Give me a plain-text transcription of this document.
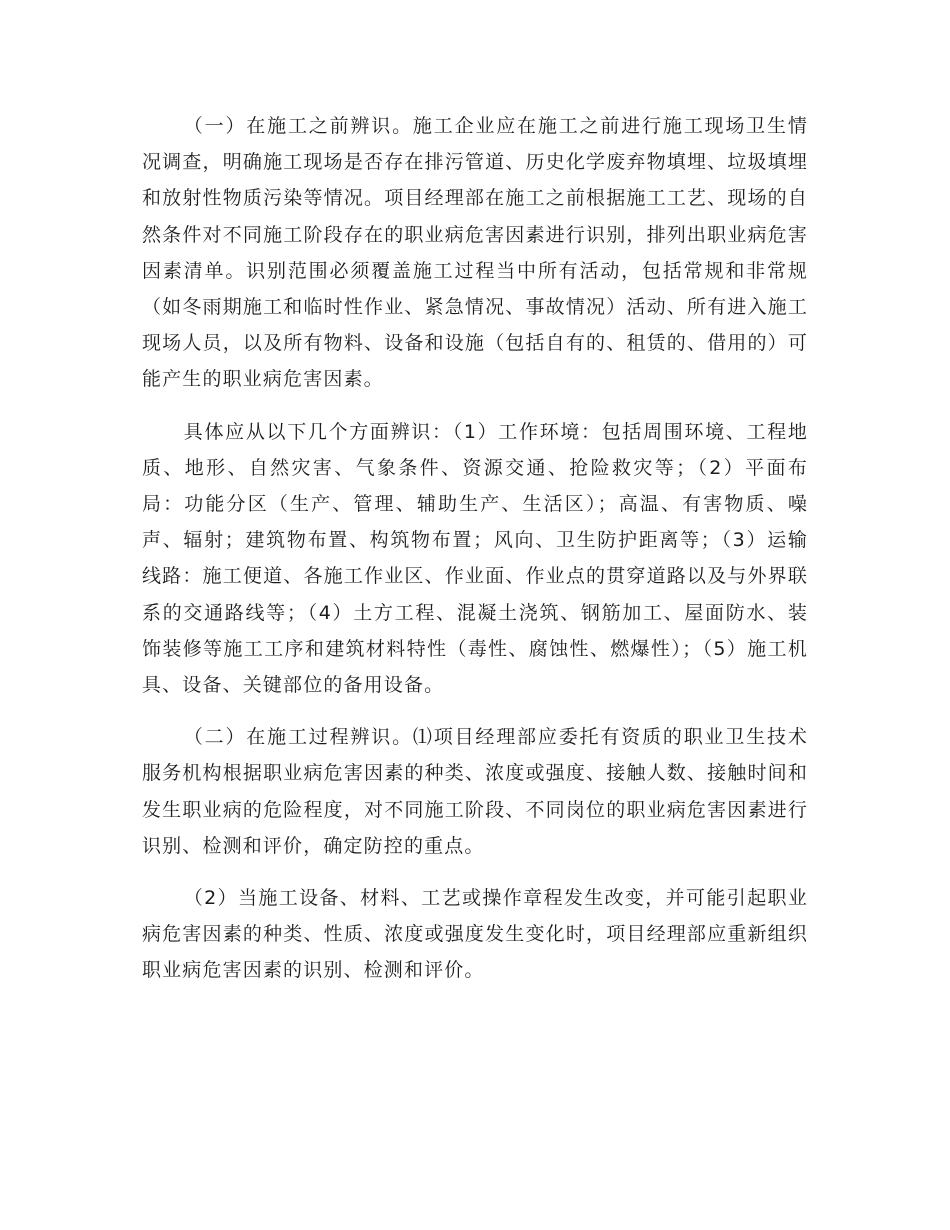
（一）在施工之前辨识。施工企业应在施工之前进行施工现场卫生情况调查，明确施工现场是否存在排污管道、历史化学废弃物填埋、垃圾填埋和放射性物质污染等情况。项目经理部在施工之前根据施工工艺、现场的自然条件对不同施工阶段存在的职业病危害因素进行识别，排列出职业病危害因素清单。识别范围必须覆盖施工过程当中所有活动，包括常规和非常规（如冬雨期施工和临时性作业、紧急情况、事故情况）活动、所有进入施工现场人员，以及所有物料、设备和设施（包括自有的、租赁的、借用的）可能产生的职业病危害因素。

具体应从以下几个方面辨识：（1）工作环境：包括周围环境、工程地质、地形、自然灾害、气象条件、资源交通、抢险救灾等；（2）平面布局：功能分区（生产、管理、辅助生产、生活区）；高温、有害物质、噪声、辐射；建筑物布置、构筑物布置；风向、卫生防护距离等；（3）运输线路：施工便道、各施工作业区、作业面、作业点的贯穿道路以及与外界联系的交通路线等；（4）土方工程、混凝土浇筑、钢筋加工、屋面防水、装饰装修等施工工序和建筑材料特性（毒性、腐蚀性、燃爆性）；（5）施工机具、设备、关键部位的备用设备。

（二）在施工过程辨识。⑴项目经理部应委托有资质的职业卫生技术服务机构根据职业病危害因素的种类、浓度或强度、接触人数、接触时间和发生职业病的危险程度，对不同施工阶段、不同岗位的职业病危害因素进行识别、检测和评价，确定防控的重点。

（2）当施工设备、材料、工艺或操作章程发生改变，并可能引起职业病危害因素的种类、性质、浓度或强度发生变化时，项目经理部应重新组织职业病危害因素的识别、检测和评价。
